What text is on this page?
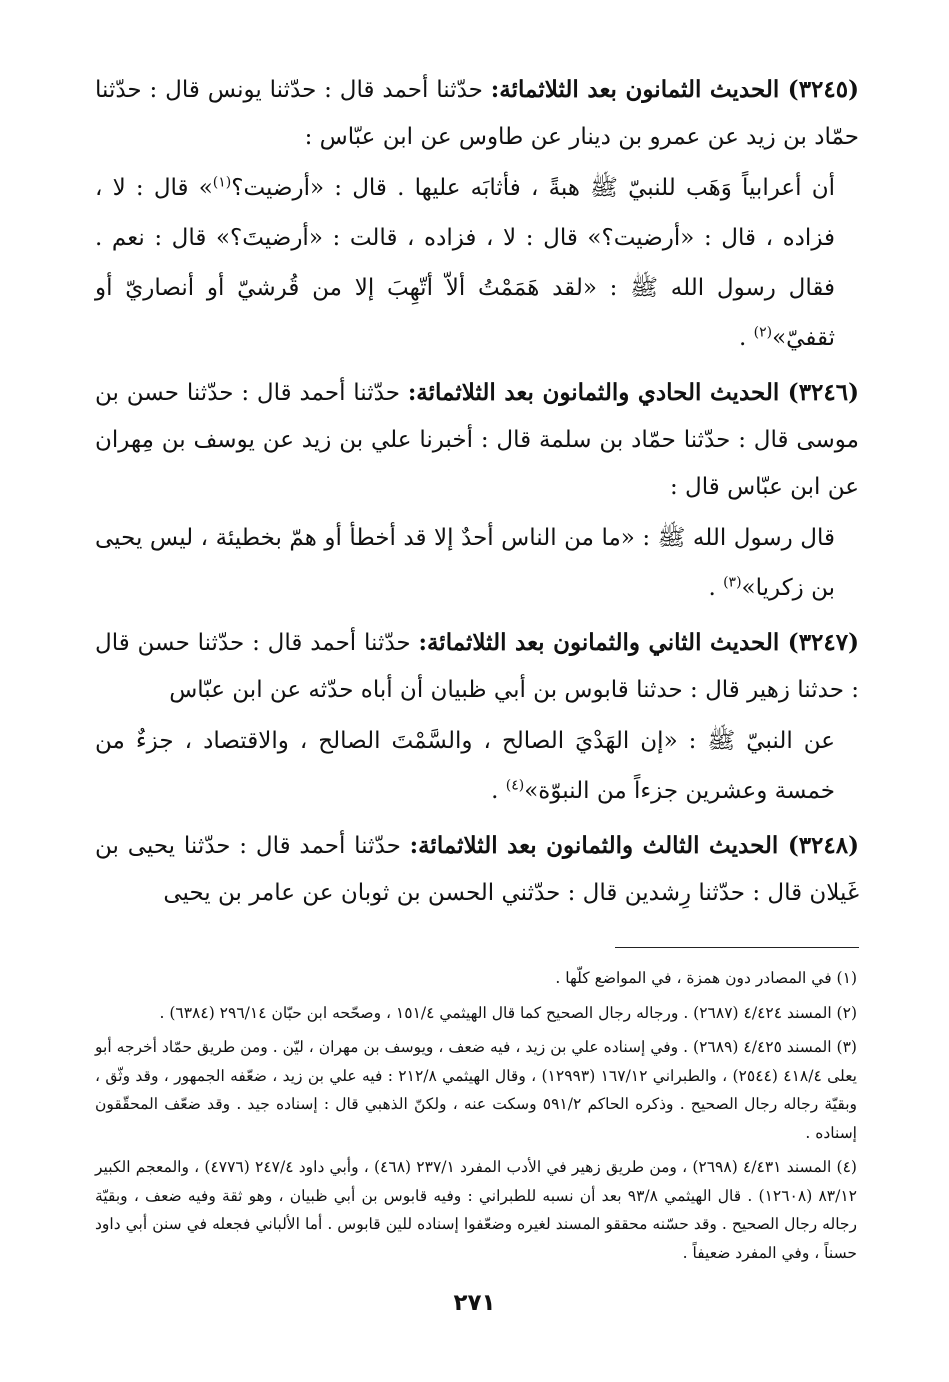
(٣٢٤٥) الحديث الثمانون بعد الثلاثمائة: حدّثنا أحمد قال : حدّثنا يونس قال : حدّثنا حمّاد بن زيد عن عمرو بن دينار عن طاوس عن ابن عبّاس :

أن أعرابياً وَهَب للنبيّ ﷺ هبةً ، فأثابَه عليها . قال : «أرضيت؟$^{(١)}$» قال : لا ، فزاده ، قال : «أرضيت؟» قال : لا ، فزاده ، قالت : «أرضيتَ؟» قال : نعم . فقال رسول الله ﷺ : «لقد هَمَمْتُ ألاّ أتّهِبَ إلا من قُرشيّ أو أنصاريّ أو ثقفيّ»$^{(٢)}$ .

(٣٢٤٦) الحديث الحادي والثمانون بعد الثلاثمائة: حدّثنا أحمد قال : حدّثنا حسن بن موسى قال : حدّثنا حمّاد بن سلمة قال : أخبرنا علي بن زيد عن يوسف بن مِهران عن ابن عبّاس قال :

قال رسول الله ﷺ : «ما من الناس أحدٌ إلا قد أخطأ أو همّ بخطيئة ، ليس يحيى بن زكريا»$^{(٣)}$ .

(٣٢٤٧) الحديث الثاني والثمانون بعد الثلاثمائة: حدّثنا أحمد قال : حدّثنا حسن قال : حدثنا زهير قال : حدثنا قابوس بن أبي ظبيان أن أباه حدّثه عن ابن عبّاس

عن النبيّ ﷺ : «إن الهَدْيَ الصالح ، والسَّمْتَ الصالح ، والاقتصاد ، جزءٌ من خمسة وعشرين جزءاً من النبوّة»$^{(٤)}$ .

(٣٢٤٨) الحديث الثالث والثمانون بعد الثلاثمائة: حدّثنا أحمد قال : حدّثنا يحيى بن غَيلان قال : حدّثنا رِشدين قال : حدّثني الحسن بن ثوبان عن عامر بن يحيى

(١) في المصادر دون همزة ، في المواضع كلّها .

(٢) المسند ٤/٤٢٤ (٢٦٨٧) . ورجاله رجال الصحيح كما قال الهيثمي ١٥١/٤ ، وصحّحه ابن حبّان ٢٩٦/١٤ (٦٣٨٤) .

(٣) المسند ٤/٤٢٥ (٢٦٨٩) . وفي إسناده علي بن زيد ، فيه ضعف ، ويوسف بن مهران ، ليّن . ومن طريق حمّاد أخرجه أبو يعلى ٤١٨/٤ (٢٥٤٤) ، والطبراني ١٦٧/١٢ (١٢٩٩٣) ، وقال الهيثمي ٢١٢/٨ : فيه علي بن زيد ، ضعّفه الجمهور ، وقد وثّق ، وبقيّة رجاله رجال الصحيح . وذكره الحاكم ٥٩١/٢ وسكت عنه ، ولكنّ الذهبي قال : إسناده جيد . وقد ضعّف المحقّقون إسناده .

(٤) المسند ٤/٤٣١ (٢٦٩٨) ، ومن طريق زهير في الأدب المفرد ٢٣٧/١ (٤٦٨) ، وأبي داود ٢٤٧/٤ (٤٧٧٦) ، والمعجم الكبير ٨٣/١٢ (١٢٦٠٨) . قال الهيثمي ٩٣/٨ بعد أن نسبه للطبراني : وفيه قابوس بن أبي ظبيان ، وهو ثقة وفيه ضعف ، وبقيّة رجاله رجال الصحيح . وقد حسّنه محققو المسند لغيره وضعّفوا إسناده للين قابوس . أما الألباني فجعله في سنن أبي داود حسناً ، وفي المفرد ضعيفاً .

٢٧١
